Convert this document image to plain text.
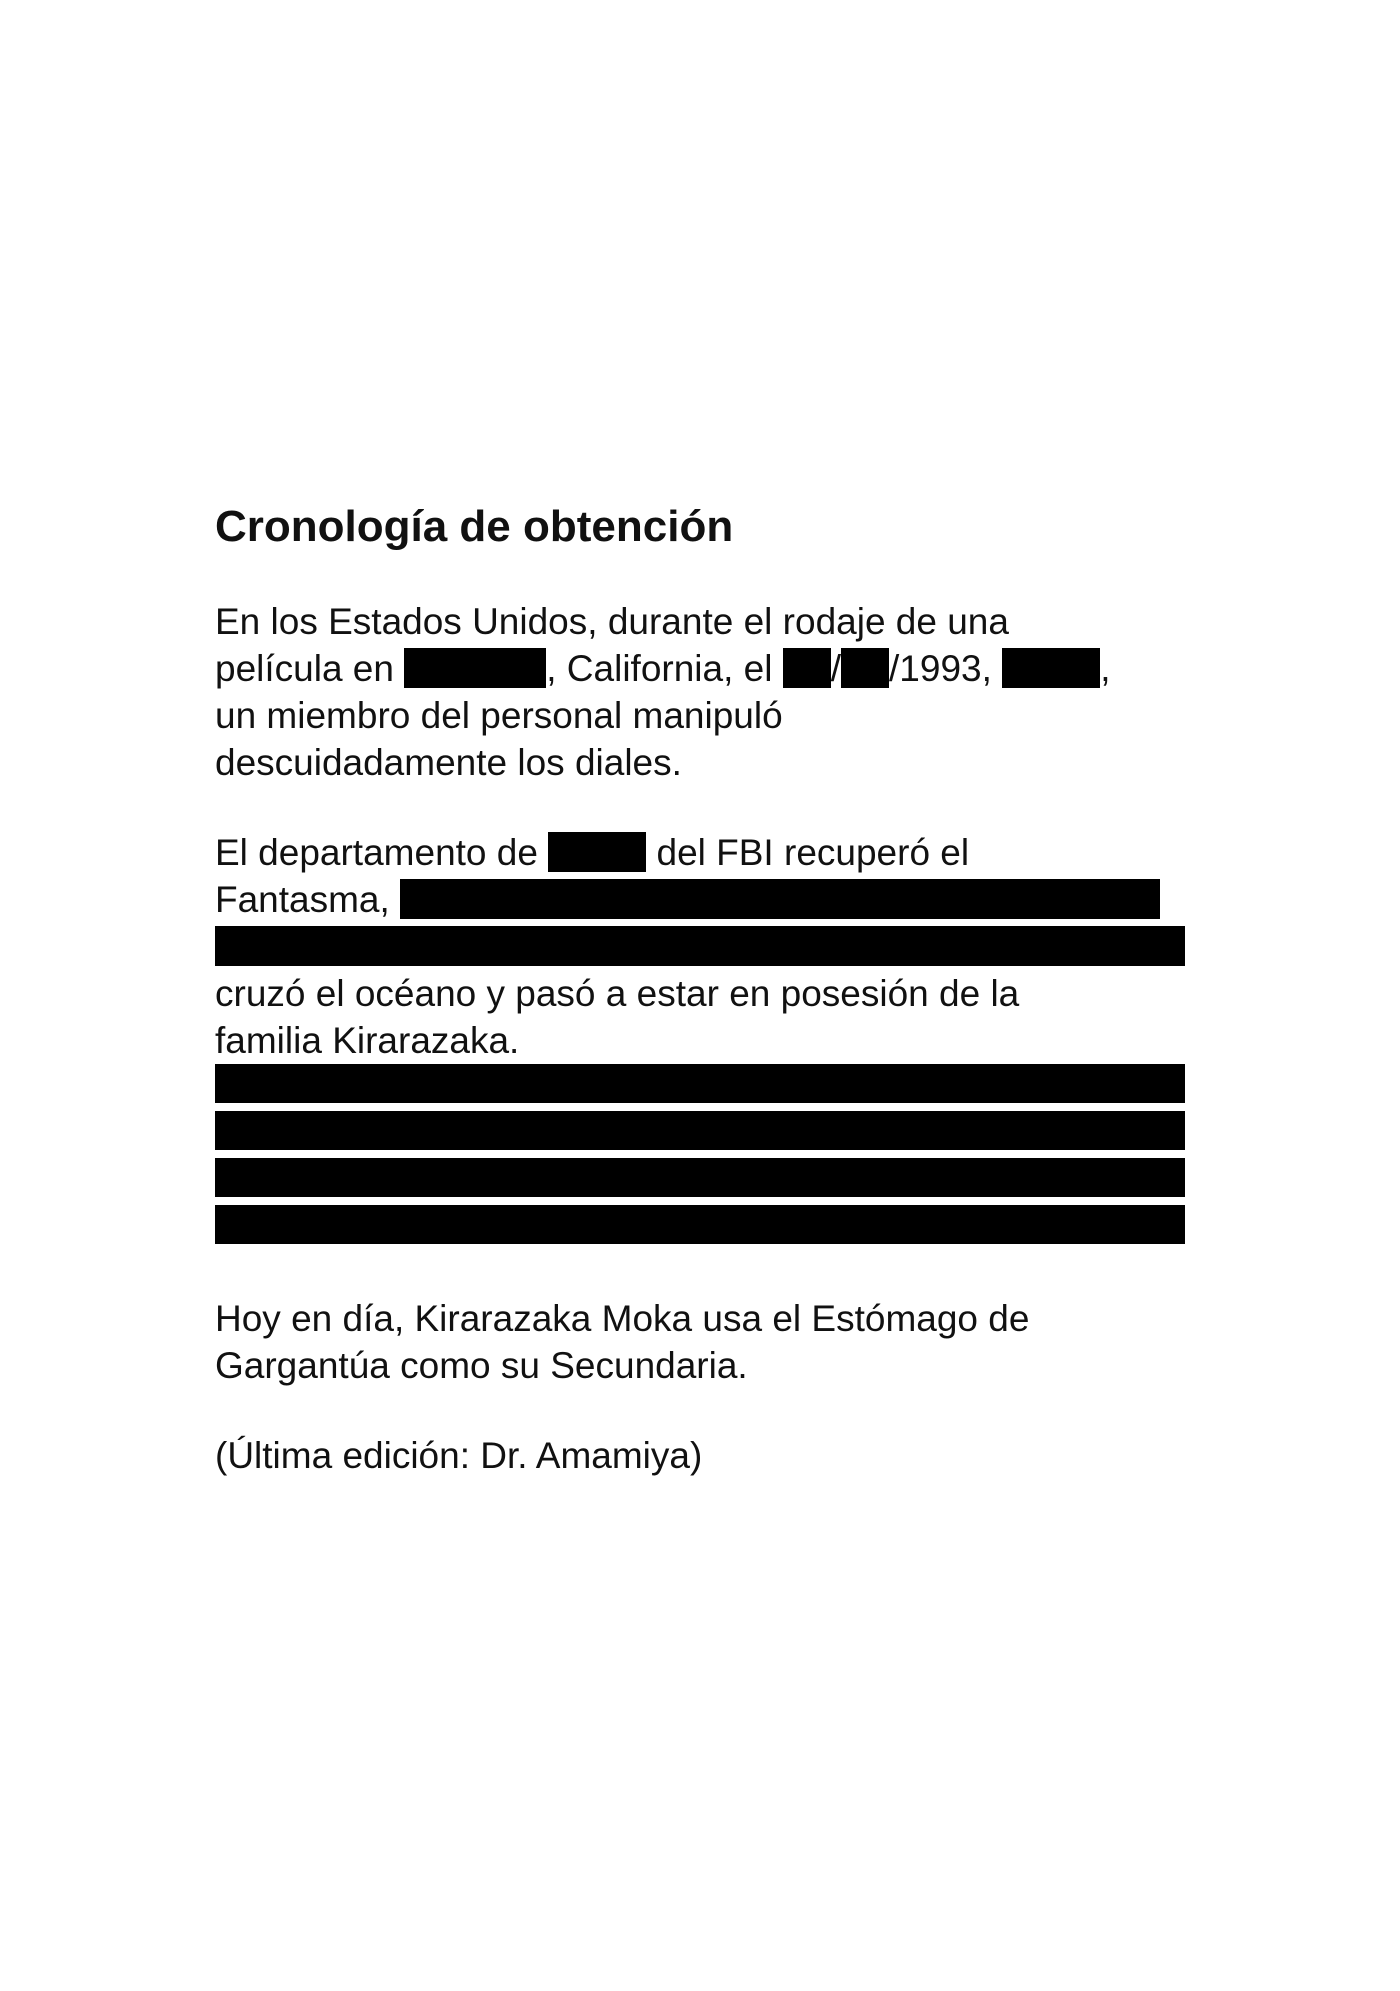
Cronología de obtención

En los Estados Unidos, durante el rodaje de una
película en	, California, el / /1993,	,
un miembro del personal manipuló
descuidadamente los diales.

El departamento de	del FBI recuperó el
Fantasma,
cruzó el océano y pasó a estar en posesión de la
familia Kirarazaka.

Hoy en día, Kirarazaka Moka usa el Estómago de
Gargantúa como su Secundaria.

(Última edición: Dr. Amamiya)
